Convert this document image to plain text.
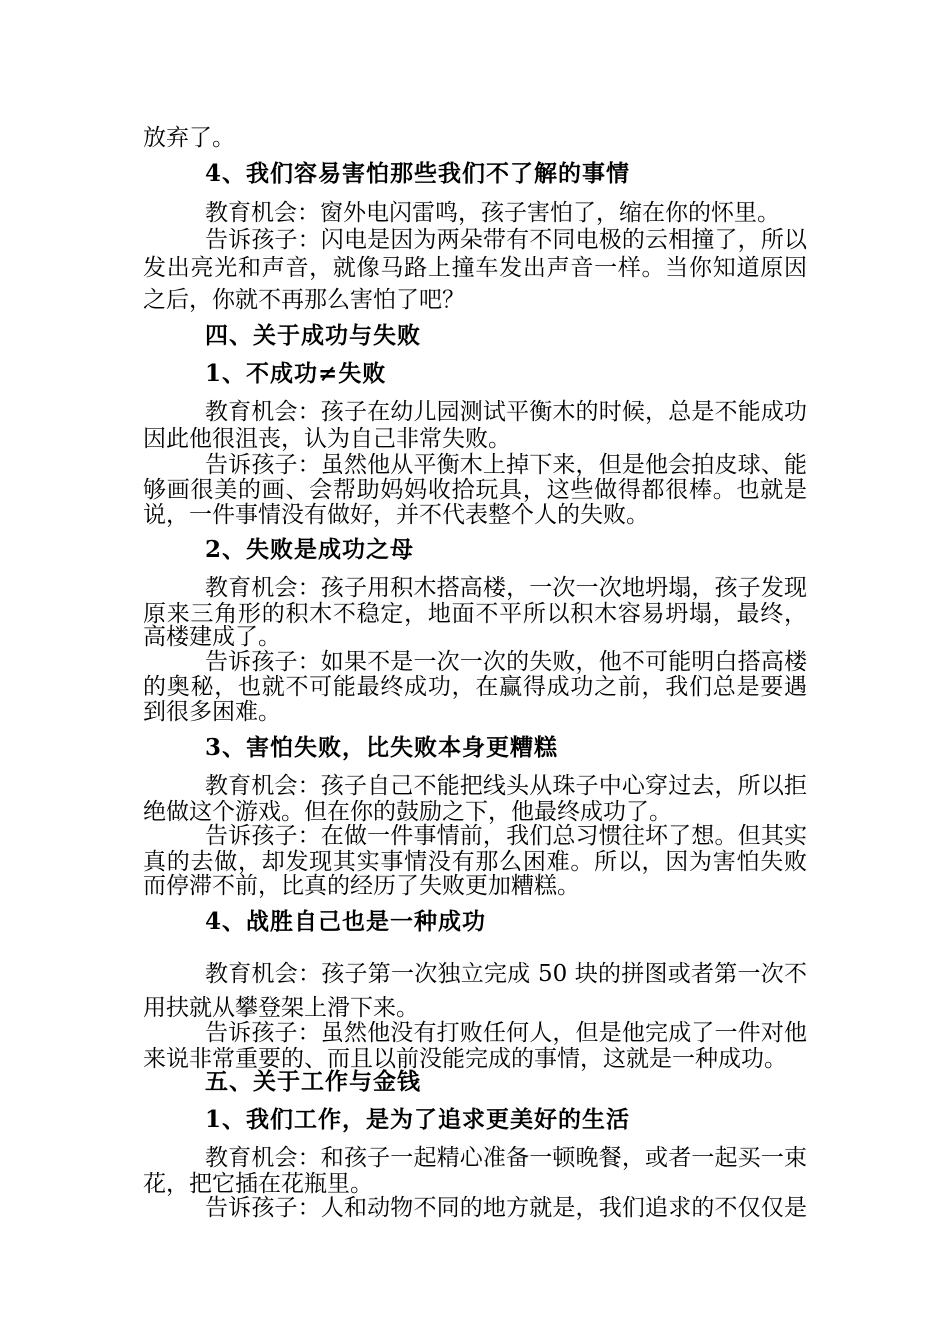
放弃了。
4、我们容易害怕那些我们不了解的事情
教育机会：窗外电闪雷鸣，孩子害怕了，缩在你的怀里。
告诉孩子：闪电是因为两朵带有不同电极的云相撞了，所以
发出亮光和声音，就像马路上撞车发出声音一样。当你知道原因
之后，你就不再那么害怕了吧？
四、关于成功与失败
1、不成功≠失败
教育机会：孩子在幼儿园测试平衡木的时候，总是不能成功
因此他很沮丧，认为自己非常失败。
告诉孩子：虽然他从平衡木上掉下来，但是他会拍皮球、能
够画很美的画、会帮助妈妈收拾玩具，这些做得都很棒。也就是
说，一件事情没有做好，并不代表整个人的失败。
2、失败是成功之母
教育机会：孩子用积木搭高楼，一次一次地坍塌，孩子发现
原来三角形的积木不稳定，地面不平所以积木容易坍塌，最终，
高楼建成了。
告诉孩子：如果不是一次一次的失败，他不可能明白搭高楼
的奥秘，也就不可能最终成功，在赢得成功之前，我们总是要遇
到很多困难。
3、害怕失败，比失败本身更糟糕
教育机会：孩子自己不能把线头从珠子中心穿过去，所以拒
绝做这个游戏。但在你的鼓励之下，他最终成功了。
告诉孩子：在做一件事情前，我们总习惯往坏了想。但其实
真的去做，却发现其实事情没有那么困难。所以，因为害怕失败
而停滞不前，比真的经历了失败更加糟糕。
4、战胜自己也是一种成功
教育机会：孩子第一次独立完成 50 块的拼图或者第一次不
用扶就从攀登架上滑下来。
告诉孩子：虽然他没有打败任何人，但是他完成了一件对他
来说非常重要的、而且以前没能完成的事情，这就是一种成功。
五、关于工作与金钱
1、我们工作，是为了追求更美好的生活
教育机会：和孩子一起精心准备一顿晚餐，或者一起买一束
花，把它插在花瓶里。
告诉孩子：人和动物不同的地方就是，我们追求的不仅仅是
